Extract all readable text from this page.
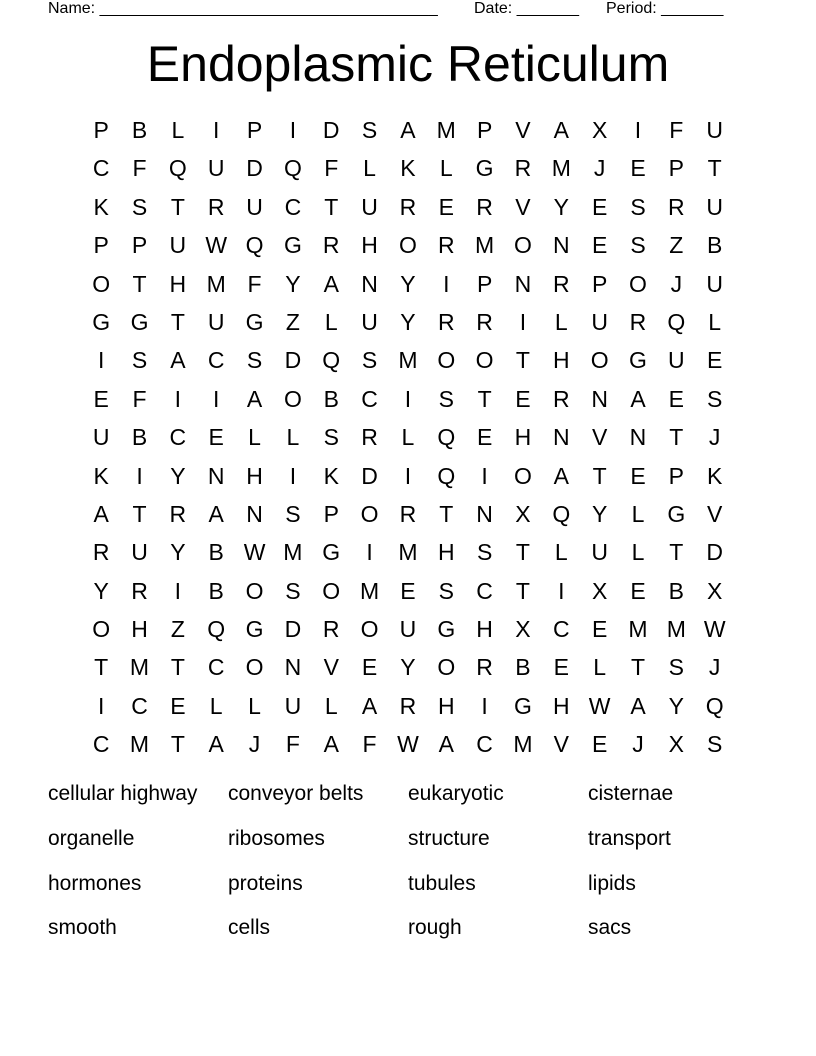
Name: ______________________________________ Date: _______ Period: _______
Endoplasmic Reticulum
P	B	L	I	P	I	D S	A M P	V	A	X	I	F	U
C	F Q U D Q F	L	K	L	G R M	J	E	P	T
K	S	T	R U C	T	U R E R V	Y	E	S R U
P	P U W Q G R H O R M O N E	S	Z	B
O T	H M F	Y	A N Y	I	P N R P O	J	U
G G T	U G Z	L	U Y R R	I	L	U R Q	L
I	S	A C S D Q S M O O T	H O G U E
E	F	I	I	A O B C	I	S	T	E R N A	E	S
U B C E	L	L	S R	L	Q E H N V N	T	J
K	I	Y N H	I	K D	I	Q	I	O A	T	E	P	K
A	T	R A N S	P O R	T	N X Q Y	L	G V
R U Y	B W M G	I	M H S	T	L	U	L	T	D
Y R	I	B O S O M E	S C	T	I	X	E	B	X
O H	Z Q G D R O U G H X C E M M W
T M T	C O N V	E	Y O R B	E	L	T	S	J
I	C E	L	L	U	L	A R H	I	G H W A	Y Q
C M T	A	J	F	A	F W A C M V	E	J	X	S
cellular highway	conveyor belts	eukaryotic	cisternae
organelle	ribosomes	structure	transport
hormones	proteins	tubules	lipids
smooth	cells	rough	sacs
